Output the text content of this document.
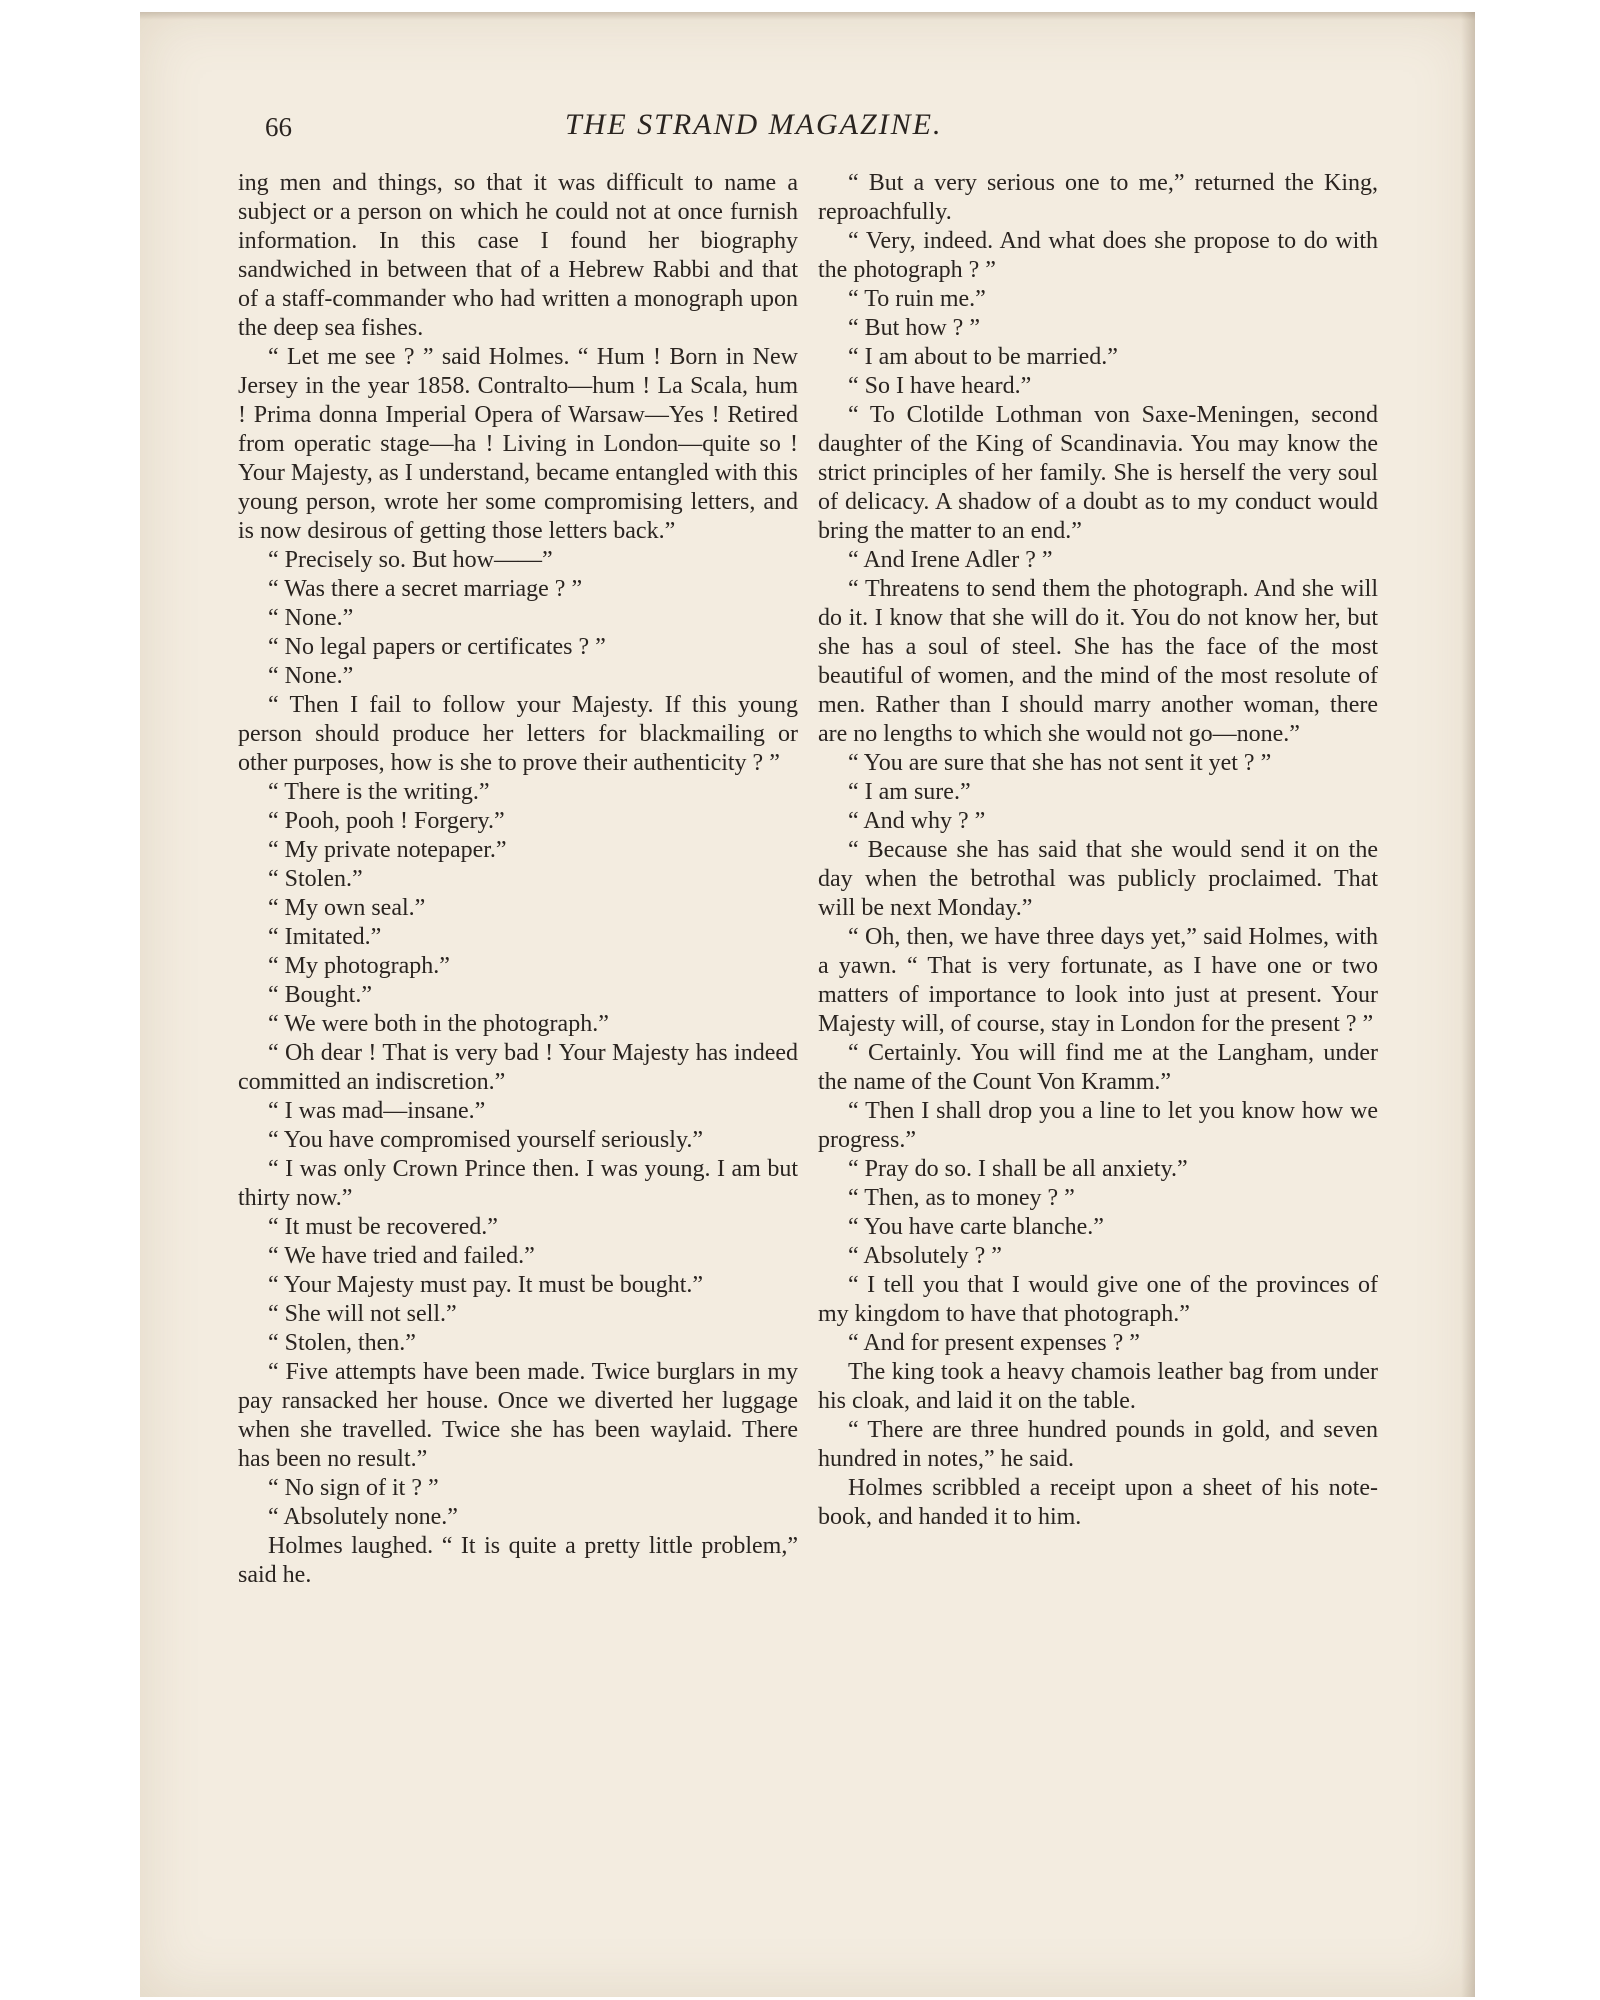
66	THE STRAND MAGAZINE.

ing men and things, so that it was difficult to name a subject or a person on which he could not at once furnish information. In this case I found her biography sandwiched in between that of a Hebrew Rabbi and that of a staff-commander who had written a monograph upon the deep sea fishes.

“ Let me see ? ” said Holmes. “ Hum ! Born in New Jersey in the year 1858. Contralto—hum ! La Scala, hum ! Prima donna Imperial Opera of Warsaw—Yes ! Retired from operatic stage—ha ! Living in London—quite so ! Your Majesty, as I understand, became entangled with this young person, wrote her some compromising letters, and is now desirous of getting those letters back.”

“ Precisely so. But how——”

“ Was there a secret marriage ? ”

“ None.”

“ No legal papers or certificates ? ”

“ None.”

“ Then I fail to follow your Majesty. If this young person should produce her letters for blackmailing or other purposes, how is she to prove their authenticity ? ”

“ There is the writing.”

“ Pooh, pooh ! Forgery.”

“ My private notepaper.”

“ Stolen.”

“ My own seal.”

“ Imitated.”

“ My photograph.”

“ Bought.”

“ We were both in the photograph.”

“ Oh dear ! That is very bad ! Your Majesty has indeed committed an indiscretion.”

“ I was mad—insane.”

“ You have compromised yourself seriously.”

“ I was only Crown Prince then. I was young. I am but thirty now.”

“ It must be recovered.”

“ We have tried and failed.”

“ Your Majesty must pay. It must be bought.”

“ She will not sell.”

“ Stolen, then.”

“ Five attempts have been made. Twice burglars in my pay ransacked her house. Once we diverted her luggage when she travelled. Twice she has been waylaid. There has been no result.”

“ No sign of it ? ”

“ Absolutely none.”

Holmes laughed. “ It is quite a pretty little problem,” said he.

“ But a very serious one to me,” returned the King, reproachfully.

“ Very, indeed. And what does she propose to do with the photograph ? ”

“ To ruin me.”

“ But how ? ”

“ I am about to be married.”

“ So I have heard.”

“ To Clotilde Lothman von Saxe-Meningen, second daughter of the King of Scandinavia. You may know the strict principles of her family. She is herself the very soul of delicacy. A shadow of a doubt as to my conduct would bring the matter to an end.”

“ And Irene Adler ? ”

“ Threatens to send them the photograph. And she will do it. I know that she will do it. You do not know her, but she has a soul of steel. She has the face of the most beautiful of women, and the mind of the most resolute of men. Rather than I should marry another woman, there are no lengths to which she would not go—none.”

“ You are sure that she has not sent it yet ? ”

“ I am sure.”

“ And why ? ”

“ Because she has said that she would send it on the day when the betrothal was publicly proclaimed. That will be next Monday.”

“ Oh, then, we have three days yet,” said Holmes, with a yawn. “ That is very fortunate, as I have one or two matters of importance to look into just at present. Your Majesty will, of course, stay in London for the present ? ”

“ Certainly. You will find me at the Langham, under the name of the Count Von Kramm.”

“ Then I shall drop you a line to let you know how we progress.”

“ Pray do so. I shall be all anxiety.”

“ Then, as to money ? ”

“ You have carte blanche.”

“ Absolutely ? ”

“ I tell you that I would give one of the provinces of my kingdom to have that photograph.”

“ And for present expenses ? ”

The king took a heavy chamois leather bag from under his cloak, and laid it on the table.

“ There are three hundred pounds in gold, and seven hundred in notes,” he said.

Holmes scribbled a receipt upon a sheet of his note-book, and handed it to him.
